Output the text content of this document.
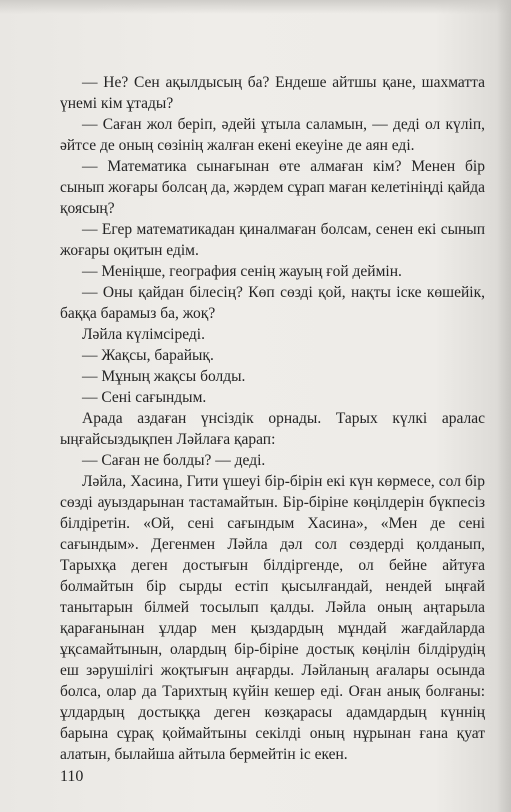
— Не? Сен ақылдысың ба? Ендеше айтшы қане, шахматта үнемі кім ұтады?

— Саған жол беріп, әдейі ұтыла саламын, — деді ол күліп, әйтсе де оның сөзінің жалған екені екеуіне де аян еді.

— Математика сынағынан өте алмаған кім? Менен бір сынып жоғары болсаң да, жәрдем сұрап маған келетініңді қайда қоясың?

— Егер математикадан қиналмаған болсам, сенен екі сынып жоғары оқитын едім.

— Меніңше, география сенің жауың ғой деймін.

— Оны қайдан білесің? Көп сөзді қой, нақты іске көшейік, баққа барамыз ба, жоқ?

Ләйла күлімсіреді.

— Жақсы, барайық.

— Мұның жақсы болды.

— Сені сағындым.

Арада аздаған үнсіздік орнады. Тарых күлкі аралас ыңғайсыздықпен Ләйлаға қарап:

— Саған не болды? — деді.

Ләйла, Хасина, Гити үшеуі бір-бірін екі күн көрмесе, сол бір сөзді ауыздарынан тастамайтын. Бір-біріне көңілдерін бүкпесіз білдіретін. «Ой, сені сағындым Хасина», «Мен де сені сағындым». Дегенмен Ләйла дәл сол сөздерді қолданып, Тарыхқа деген достығын білдіргенде, ол бейне айтуға болмайтын бір сырды естіп қысылғандай, нендей ыңғай танытарын білмей тосылып қалды. Ләйла оның аңтарыла қарағанынан ұлдар мен қыздардың мұндай жағдайларда ұқсамайтынын, олардың бір-біріне достық көңілін білдірудің еш зәрушілігі жоқтығын аңғарды. Ләйланың ағалары осында болса, олар да Тарихтың күйін кешер еді. Оған анық болғаны: ұлдардың достыққа деген көзқарасы адамдардың күннің барына сұрақ қоймайтыны секілді оның нұрынан ғана қуат алатын, былайша айтыла бермейтін іс екен.

110
